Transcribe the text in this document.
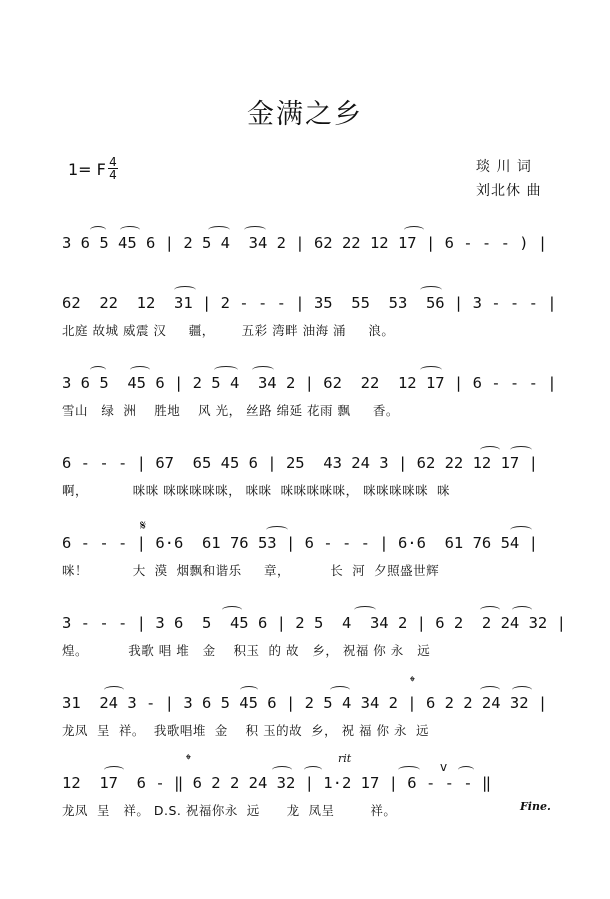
金满之乡
1= F 4
4	琰 川 词
刘北休 曲
𝄋
𝄌
𝄌	rit
v
3 6 5 45 6 | 2 5 4  34 2 | 62 22 12 17 | 6 - - - ) |
62  22  12  31 | 2 - - - | 35  55  53  56 | 3 - - - |
北庭 故城 威震 汉     疆，      五彩 湾畔 油海 涌     浪。
3 6 5  45 6 | 2 5 4  34 2 | 62  22  12 17 | 6 - - - |
雪山   绿  洲    胜地    风 光， 丝路 绵延 花雨 飘     香。
6 - - - | 67  65 45 6 | 25  43 24 3 | 62 22 12 17 |
啊，          咪咪 咪咪咪咪咪， 咪咪  咪咪咪咪咪， 咪咪咪咪咪  咪
6 - - - | 6·6  61 76 53 | 6 - - - | 6·6  61 76 54 |
咪！          大  漠  烟飘和谐乐     章，         长  河  夕照盛世辉
3 - - - | 3 6  5  45 6 | 2 5  4  34 2 | 6 2  2 24 32 |
煌。         我歌 唱 堆   金    积玉  的 故   乡， 祝福 你 永   远
31  24 3 - | 3 6 5 45 6 | 2 5 4 34 2 | 6 2 2 24 32 |
龙凤  呈  祥。  我歌唱堆  金    积 玉的故  乡， 祝 福 你 永  远
12  17  6 - ‖ 6 2 2 24 32 | 1·2 17 | 6 - - - ‖
龙凤  呈   祥。 D.S. 祝福你永  远      龙  凤呈        祥。	Fine.
